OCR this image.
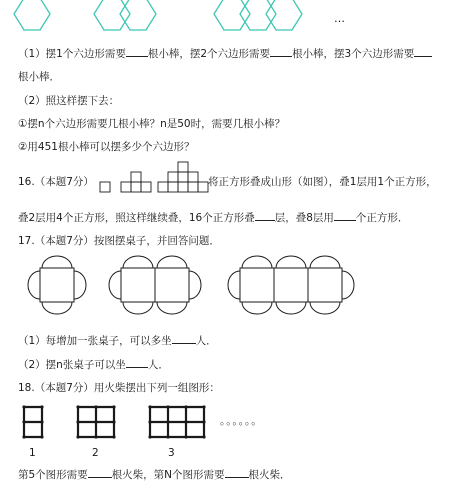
…
（1）摆1个六边形需要 根小棒，摆2个六边形需要 根小棒，摆3个六边形需要
根小棒．
（2）照这样摆下去：
①摆n个六边形需要几根小棒？n是50时，需要几根小棒？
②用451根小棒可以摆多少个六边形？
16.（本题7分）	将正方形叠成山形（如图），叠1层用1个正方形，
叠2层用4个正方形，照这样继续叠，16个正方形叠 层，叠8层用 个正方形．
17.（本题7分）按图摆桌子，并回答问题．
（1）每增加一张桌子，可以多坐 人．
（2）摆n张桌子可以坐 人．
18.（本题7分）用火柴摆出下列一组图形：
1	2	3
。。。。。。
第5个图形需要 根火柴，第N个图形需要 根火柴．
